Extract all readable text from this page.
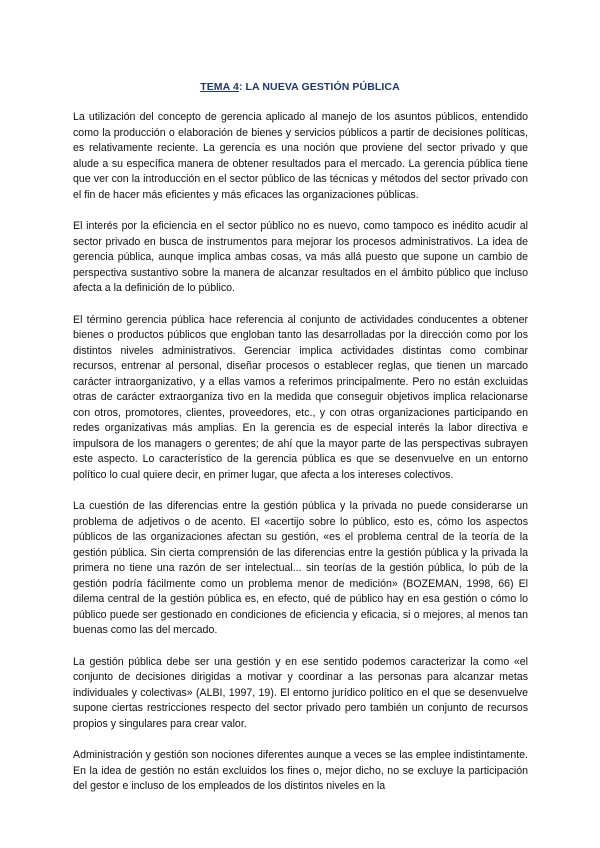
TEMA 4: LA NUEVA GESTIÓN PÚBLICA

La utilización del concepto de gerencia aplicado al manejo de los asuntos públicos, entendido como la producción o elaboración de bienes y servicios públicos a partir de decisiones políticas, es relativamente reciente. La gerencia es una noción que proviene del sector privado y que alude a su específica manera de obtener resultados para el mercado. La gerencia pública tiene que ver con la introducción en el sector público de las técnicas y métodos del sector privado con el fin de hacer más eficientes y más eficaces las organizaciones públicas.

El interés por la eficiencia en el sector público no es nuevo, como tampoco es inédito acudir al sector privado en busca de instrumentos para mejorar los procesos administrativos. La idea de gerencia pública, aunque implica ambas cosas, va más allá puesto que supone un cambio de perspectiva sustantivo sobre la manera de alcanzar resultados en el ámbito público que incluso afecta a la definición de lo público.

El término gerencia pública hace referencia al conjunto de actividades conducentes a obtener bienes o productos públicos que engloban tanto las desarrolladas por la dirección como por los distintos niveles administrativos. Gerenciar implica actividades distintas como combinar recursos, entrenar al personal, diseñar procesos o establecer reglas, que tienen un marcado carácter intraorganizativo, y a ellas vamos a referimos principalmente. Pero no están excluidas otras de carácter extraorganiza tivo en la medida que conseguir objetivos implica relacionarse con otros, promotores, clientes, proveedores, etc., y con otras organizaciones participando en redes organizativas más amplias. En la gerencia es de especial interés la labor directiva e impulsora de los managers o gerentes; de ahí que la mayor parte de las perspectivas subrayen este aspecto. Lo característico de la gerencia pública es que se desenvuelve en un entorno político lo cual quiere decir, en primer lugar, que afecta a los intereses colectivos.

La cuestión de las diferencias entre la gestión pública y la privada no puede considerarse un problema de adjetivos o de acento. El «acertijo sobre lo público, esto es, cómo los aspectos públicos de las organizaciones afectan su gestión, «es el problema central de la teoría de la gestión pública. Sin cierta comprensión de las diferencias entre la gestión pública y la privada la primera no tiene una razón de ser intelectual... sin teorías de la gestión pública, lo púb de la gestión podría fácilmente como un problema menor de medición» (BOZEMAN, 1998, 66) El dilema central de la gestión pública es, en efecto, qué de público hay en esa gestión o cómo lo público puede ser gestionado en condiciones de eficiencia y eficacia, si o mejores, al menos tan buenas como las del mercado.

La gestión pública debe ser una gestión y en ese sentido podemos caracterizar la como «el conjunto de decisiones dirigidas a motivar y coordinar a las personas para alcanzar metas individuales y colectivas» (ALBI, 1997, 19). El entorno jurídico político en el que se desenvuelve supone ciertas restricciones respecto del sector privado pero también un conjunto de recursos propios y singulares para crear valor.

Administración y gestión son nociones diferentes aunque a veces se las emplee indistintamente. En la idea de gestión no están excluidos los fines o, mejor dicho, no se excluye la participación del gestor e incluso de los empleados de los distintos niveles en la
